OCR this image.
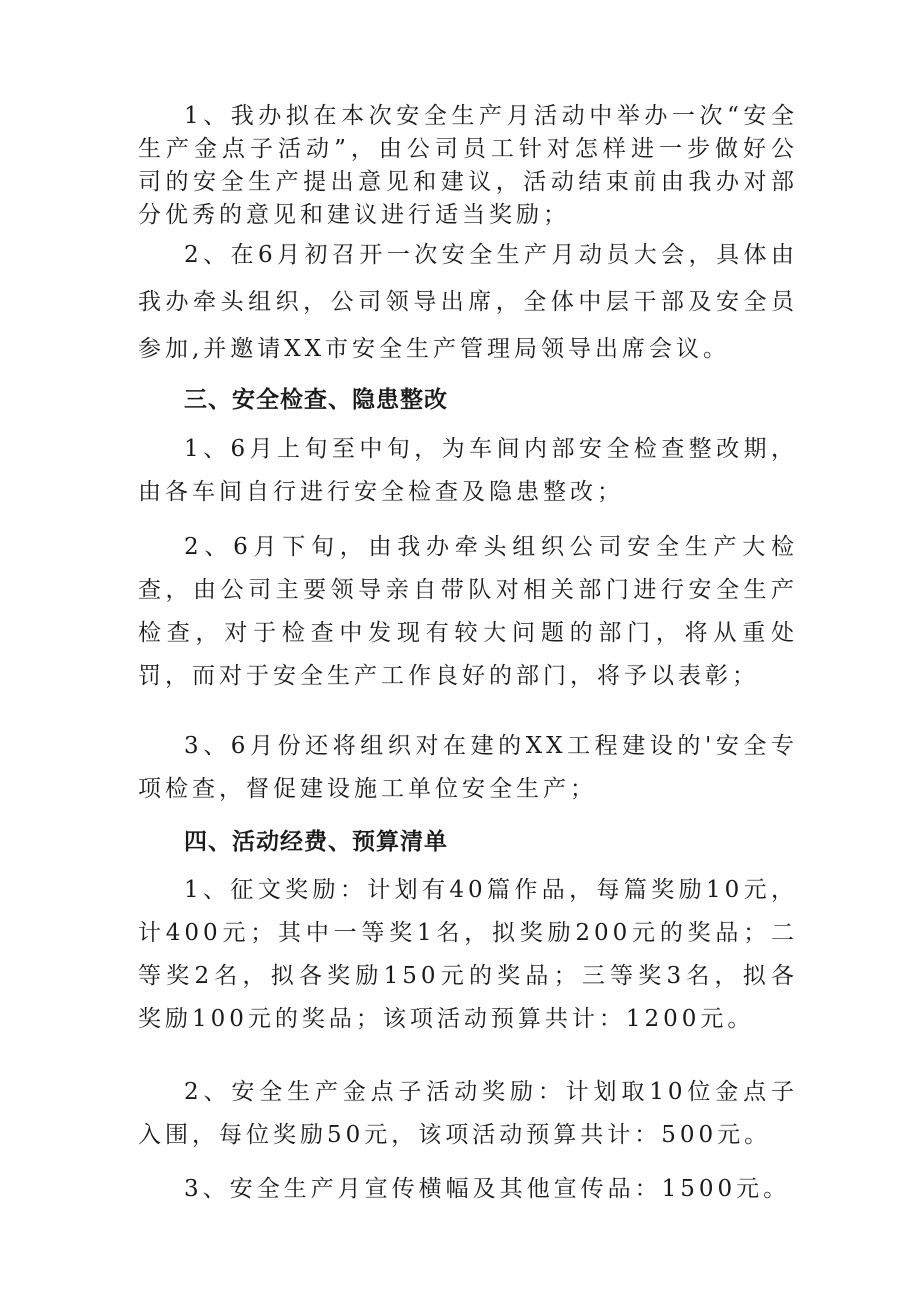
1、我办拟在本次安全生产月活动中举办一次“安全生产金点子活动”，由公司员工针对怎样进一步做好公司的安全生产提出意见和建议，活动结束前由我办对部分优秀的意见和建议进行适当奖励；

2、在6月初召开一次安全生产月动员大会，具体由我办牵头组织，公司领导出席，全体中层干部及安全员参加,并邀请XX市安全生产管理局领导出席会议。

三、安全检查、隐患整改

1、6月上旬至中旬，为车间内部安全检查整改期，由各车间自行进行安全检查及隐患整改；

2、6月下旬，由我办牵头组织公司安全生产大检查，由公司主要领导亲自带队对相关部门进行安全生产检查，对于检查中发现有较大问题的部门，将从重处罚，而对于安全生产工作良好的部门，将予以表彰；

3、6月份还将组织对在建的XX工程建设的'安全专项检查，督促建设施工单位安全生产；

四、活动经费、预算清单

1、征文奖励：计划有40篇作品，每篇奖励10元，计400元；其中一等奖1名，拟奖励200元的奖品；二等奖2名，拟各奖励150元的奖品；三等奖3名，拟各奖励100元的奖品；该项活动预算共计：1200元。

2、安全生产金点子活动奖励：计划取10位金点子入围，每位奖励50元，该项活动预算共计：500元。

3、安全生产月宣传横幅及其他宣传品：1500元。
